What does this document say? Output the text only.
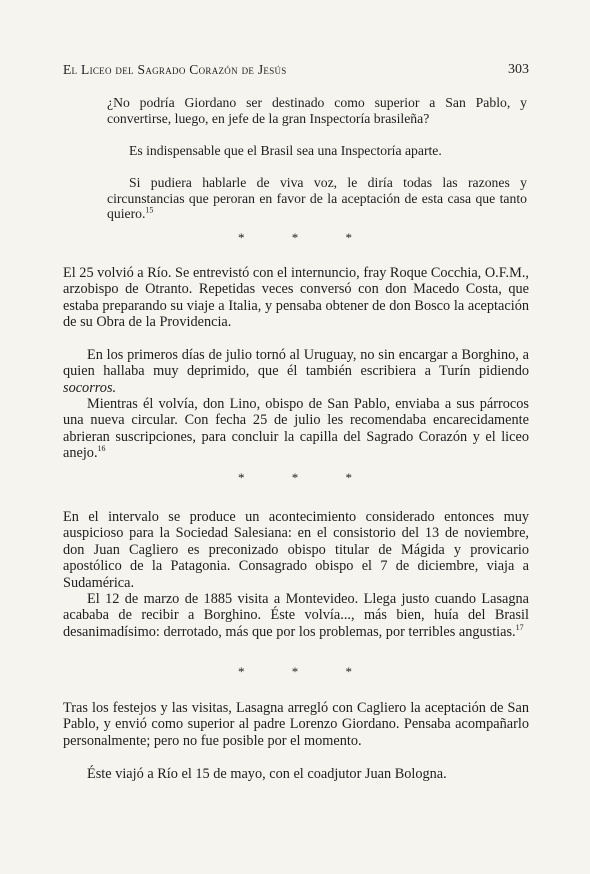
El Liceo del Sagrado Corazón de Jesús	303

¿No podría Giordano ser destinado como superior a San Pablo, y convertirse, luego, en jefe de la gran Inspectoría brasileña?

Es indispensable que el Brasil sea una Inspectoría aparte.

Si pudiera hablarle de viva voz, le diría todas las razones y circunstancias que peroran en favor de la aceptación de esta casa que tanto quiero.$^{15}$

* * *

El 25 volvió a Río. Se entrevistó con el internuncio, fray Roque Cocchia, O.F.M., arzobispo de Otranto. Repetidas veces conversó con don Macedo Costa, que estaba preparando su viaje a Italia, y pensaba obtener de don Bosco la aceptación de su Obra de la Providencia.

En los primeros días de julio tornó al Uruguay, no sin encargar a Borghino, a quien hallaba muy deprimido, que él también escribiera a Turín pidiendo socorros.

Mientras él volvía, don Lino, obispo de San Pablo, enviaba a sus párrocos una nueva circular. Con fecha 25 de julio les recomendaba encarecidamente abrieran suscripciones, para concluir la capilla del Sagrado Corazón y el liceo anejo.$^{16}$

* * *

En el intervalo se produce un acontecimiento considerado entonces muy auspicioso para la Sociedad Salesiana: en el consistorio del 13 de noviembre, don Juan Cagliero es preconizado obispo titular de Mágida y provicario apostólico de la Patagonia. Consagrado obispo el 7 de diciembre, viaja a Sudamérica.

El 12 de marzo de 1885 visita a Montevideo. Llega justo cuando Lasagna acababa de recibir a Borghino. Éste volvía..., más bien, huía del Brasil desanimadísimo: derrotado, más que por los problemas, por terribles angustias.$^{17}$

* * *

Tras los festejos y las visitas, Lasagna arregló con Cagliero la aceptación de San Pablo, y envió como superior al padre Lorenzo Giordano. Pensaba acompañarlo personalmente; pero no fue posible por el momento.

Éste viajó a Río el 15 de mayo, con el coadjutor Juan Bologna.
